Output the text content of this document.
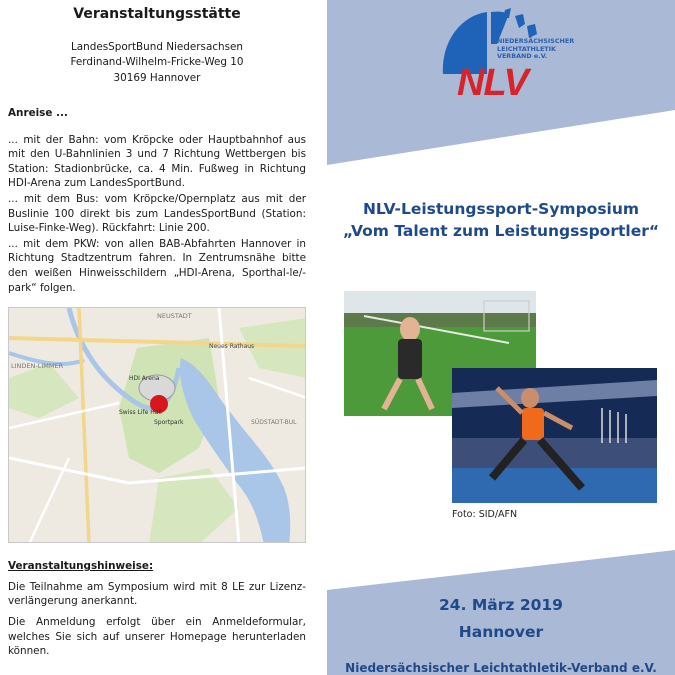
Veranstaltungsstätte
LandesSportBund Niedersachsen
Ferdinand-Wilhelm-Fricke-Weg 10
30169 Hannover
Anreise ...
... mit der Bahn: vom Kröpcke oder Hauptbahnhof aus mit den U-Bahnlinien 3 und 7 Richtung Wettbergen bis Station: Stadionbrücke, ca. 4 Min. Fußweg in Richtung HDI-Arena zum LandesSportBund.
... mit dem Bus: vom Kröpcke/Opernplatz aus mit der Buslinie 100 direkt bis zum LandesSportBund (Station: Luise-Finke-Weg). Rückfahrt: Linie 200.
... mit dem PKW: von allen BAB-Abfahrten Hannover in Richtung Stadtzentrum fahren. In Zentrumsnähe bitte den weißen Hinweisschildern „HDI-Arena, Sporthal-le/-park“ folgen.
NEUSTADT
Neues Rathaus
LINDEN-LIMMER
HDI Arena
Swiss Life Hall
Sportpark	SÜDSTADT-BUL
Veranstaltungshinweise:
Die Teilnahme am Symposium wird mit 8 LE zur Lizenz-verlängerung anerkannt.
Die Anmeldung erfolgt über ein Anmeldeformular, welches Sie sich auf unserer Homepage herunterladen können.
NIEDERSÄCHSISCHER
LEICHTATHLETIK
VERBAND e.V.
NLV
NLV-Leistungssport-Symposium
„Vom Talent zum Leistungssportler“
Foto: SID/AFN
24. März 2019
Hannover
Niedersächsischer Leichtathletik-Verband e.V.
